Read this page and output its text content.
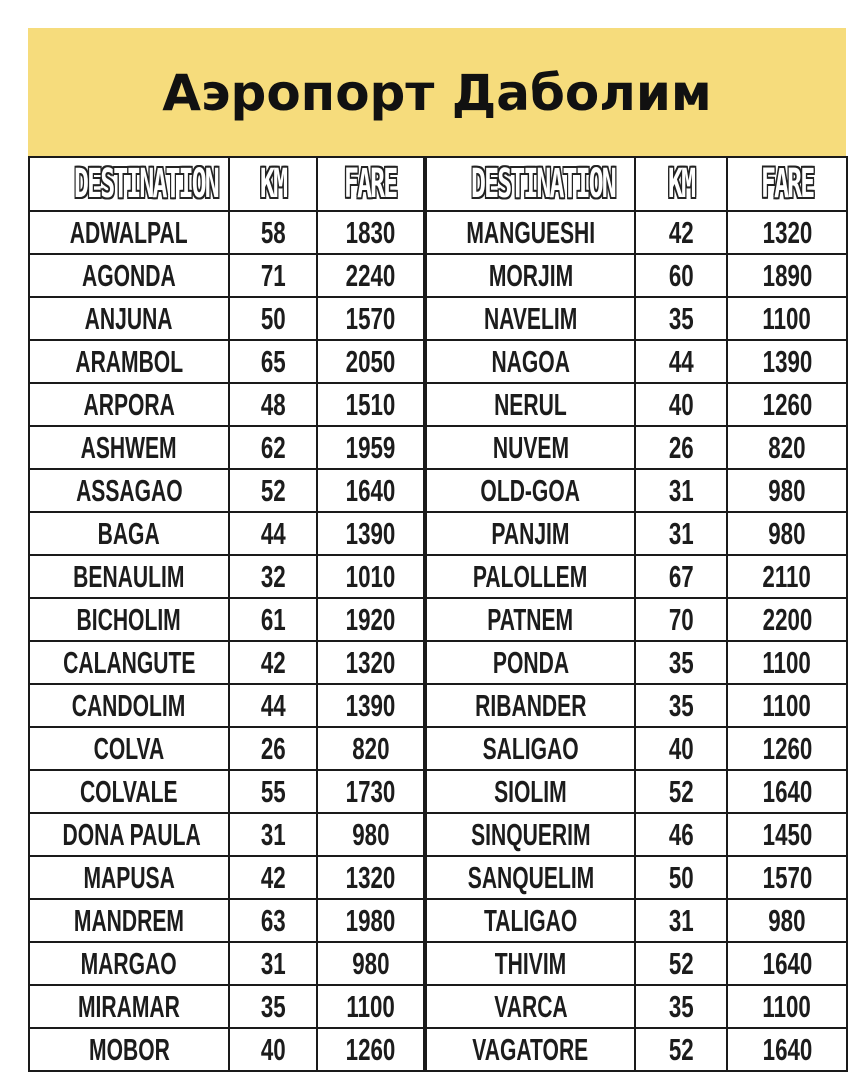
Аэропорт Даболим
DESTINATION	KM	FARE	DESTINATION	KM	FARE
ADWALPAL	58	1830	MANGUESHI	42	1320
AGONDA	71	2240	MORJIM	60	1890
ANJUNA	50	1570	NAVELIM	35	1100
ARAMBOL	65	2050	NAGOA	44	1390
ARPORA	48	1510	NERUL	40	1260
ASHWEM	62	1959	NUVEM	26	820
ASSAGAO	52	1640	OLD-GOA	31	980
BAGA	44	1390	PANJIM	31	980
BENAULIM	32	1010	PALOLLEM	67	2110
BICHOLIM	61	1920	PATNEM	70	2200
CALANGUTE	42	1320	PONDA	35	1100
CANDOLIM	44	1390	RIBANDER	35	1100
COLVA	26	820	SALIGAO	40	1260
COLVALE	55	1730	SIOLIM	52	1640
DONA PAULA	31	980	SINQUERIM	46	1450
MAPUSA	42	1320	SANQUELIM	50	1570
MANDREM	63	1980	TALIGAO	31	980
MARGAO	31	980	THIVIM	52	1640
MIRAMAR	35	1100	VARCA	35	1100
MOBOR	40	1260	VAGATORE	52	1640
